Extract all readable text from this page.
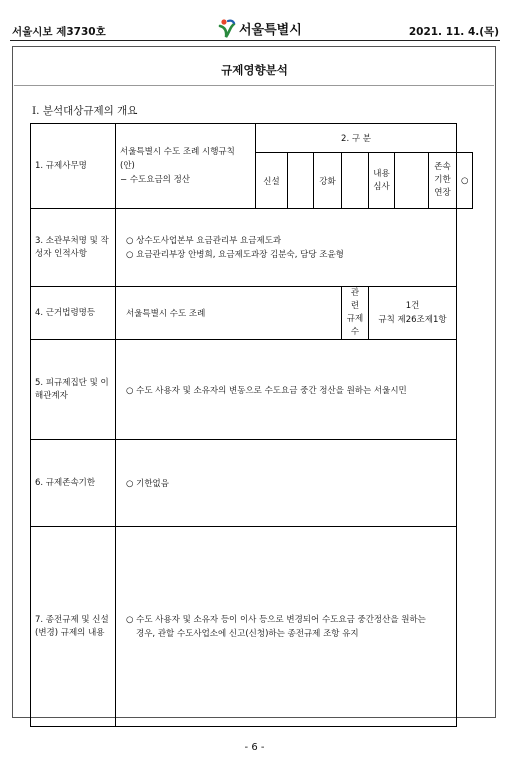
서울시보 제3730호	서울특별시	2021. 11. 4.(목)
규제영향분석
Ⅰ. 분석대상규제의 개요
1. 규제사무명	서울특별시 수도 조례 시행규칙
(안)
− 수도요금의 정산	2. 구 분							
		신설		강화		내용 심사		존속 기한 연장	○
3. 소관부처명 및 작성자 인적사항	○ 상수도사업본부 요금관리부 요금제도과
○ 요금관리부장 안병희, 요금제도과장 김분숙, 담당 조윤형								

4. 근거법령명등	서울특별시 수도 조례				관 련 규제수	1건
규칙 제26조제1항			

5. 피규제집단 및 이해관계자	○ 수도 사용자 및 소유자의 변동으로 수도요금 중간 정산을 원하는 서울시민								
6. 규제존속기한	○ 기한없음								
7. 종전규제 및 신설(변경) 규제의 내용	○ 수도 사용자 및 소유자 등이 이사 등으로 변경되어 수도요금 중간정산을 원하는
경우, 관할 수도사업소에 신고(신청)하는 종전규제 조항 유지								
- 6 -
